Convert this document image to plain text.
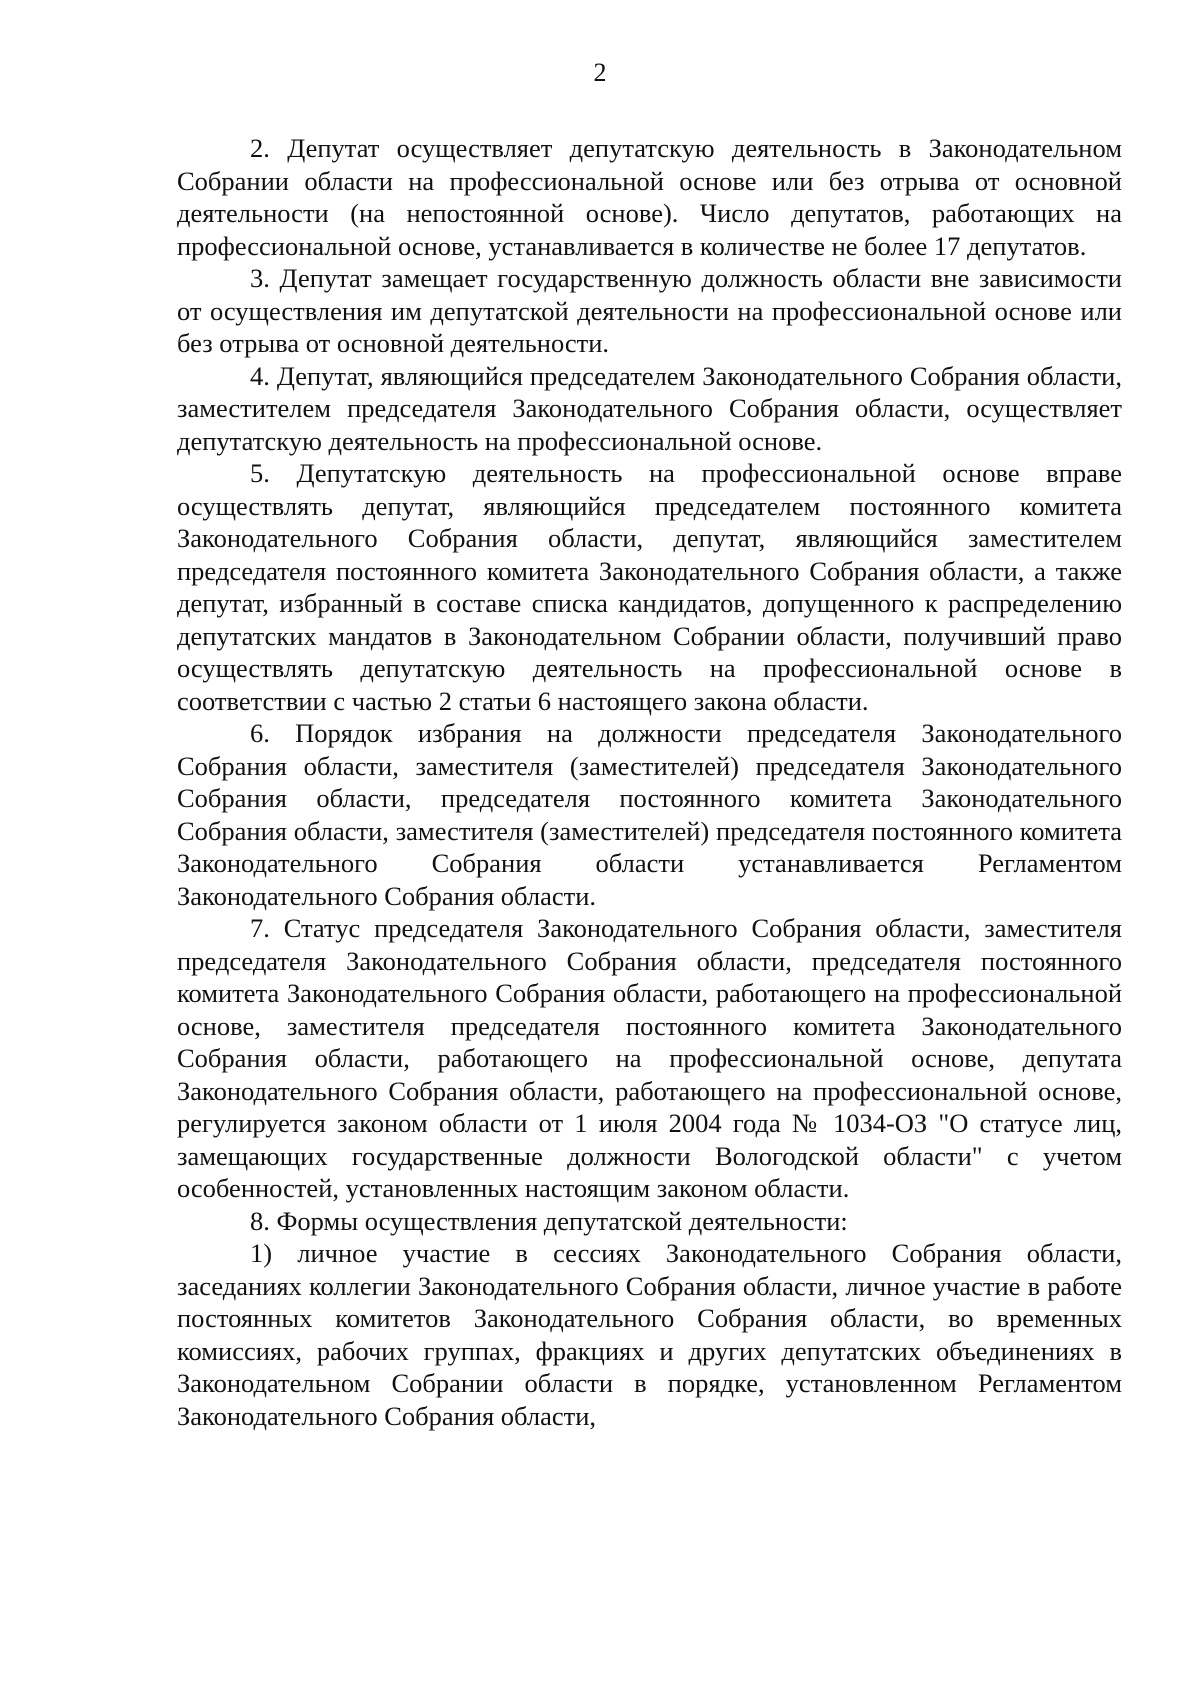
2

2. Депутат осуществляет депутатскую деятельность в Законодательном Собрании области на профессиональной основе или без отрыва от основной деятельности (на непостоянной основе). Число депутатов, работающих на профессиональной основе, устанавливается в количестве не более 17 депутатов.

3. Депутат замещает государственную должность области вне зависимости от осуществления им депутатской деятельности на профессиональной основе или без отрыва от основной деятельности.

4. Депутат, являющийся председателем Законодательного Собрания области, заместителем председателя Законодательного Собрания области, осуществляет депутатскую деятельность на профессиональной основе.

5. Депутатскую деятельность на профессиональной основе вправе осуществлять депутат, являющийся председателем постоянного комитета Законодательного Собрания области, депутат, являющийся заместителем председателя постоянного комитета Законодательного Собрания области, а также депутат, избранный в составе списка кандидатов, допущенного к распределению депутатских мандатов в Законодательном Собрании области, получивший право осуществлять депутатскую деятельность на профессиональной основе в соответствии с частью 2 статьи 6 настоящего закона области.

6. Порядок избрания на должности председателя Законодательного Собрания области, заместителя (заместителей) председателя Законодательного Собрания области, председателя постоянного комитета Законодательного Собрания области, заместителя (заместителей) председателя постоянного комитета Законодательного Собрания области устанавливается Регламентом Законодательного Собрания области.

7. Статус председателя Законодательного Собрания области, заместителя председателя Законодательного Собрания области, председателя постоянного комитета Законодательного Собрания области, работающего на профессиональной основе, заместителя председателя постоянного комитета Законодательного Собрания области, работающего на профессиональной основе, депутата Законодательного Собрания области, работающего на профессиональной основе, регулируется законом области от 1 июля 2004 года № 1034-ОЗ "О статусе лиц, замещающих государственные должности Вологодской области" с учетом особенностей, установленных настоящим законом области.

8. Формы осуществления депутатской деятельности:

1) личное участие в сессиях Законодательного Собрания области, заседаниях коллегии Законодательного Собрания области, личное участие в работе постоянных комитетов Законодательного Собрания области, во временных комиссиях, рабочих группах, фракциях и других депутатских объединениях в Законодательном Собрании области в порядке, установленном Регламентом Законодательного Собрания области,
